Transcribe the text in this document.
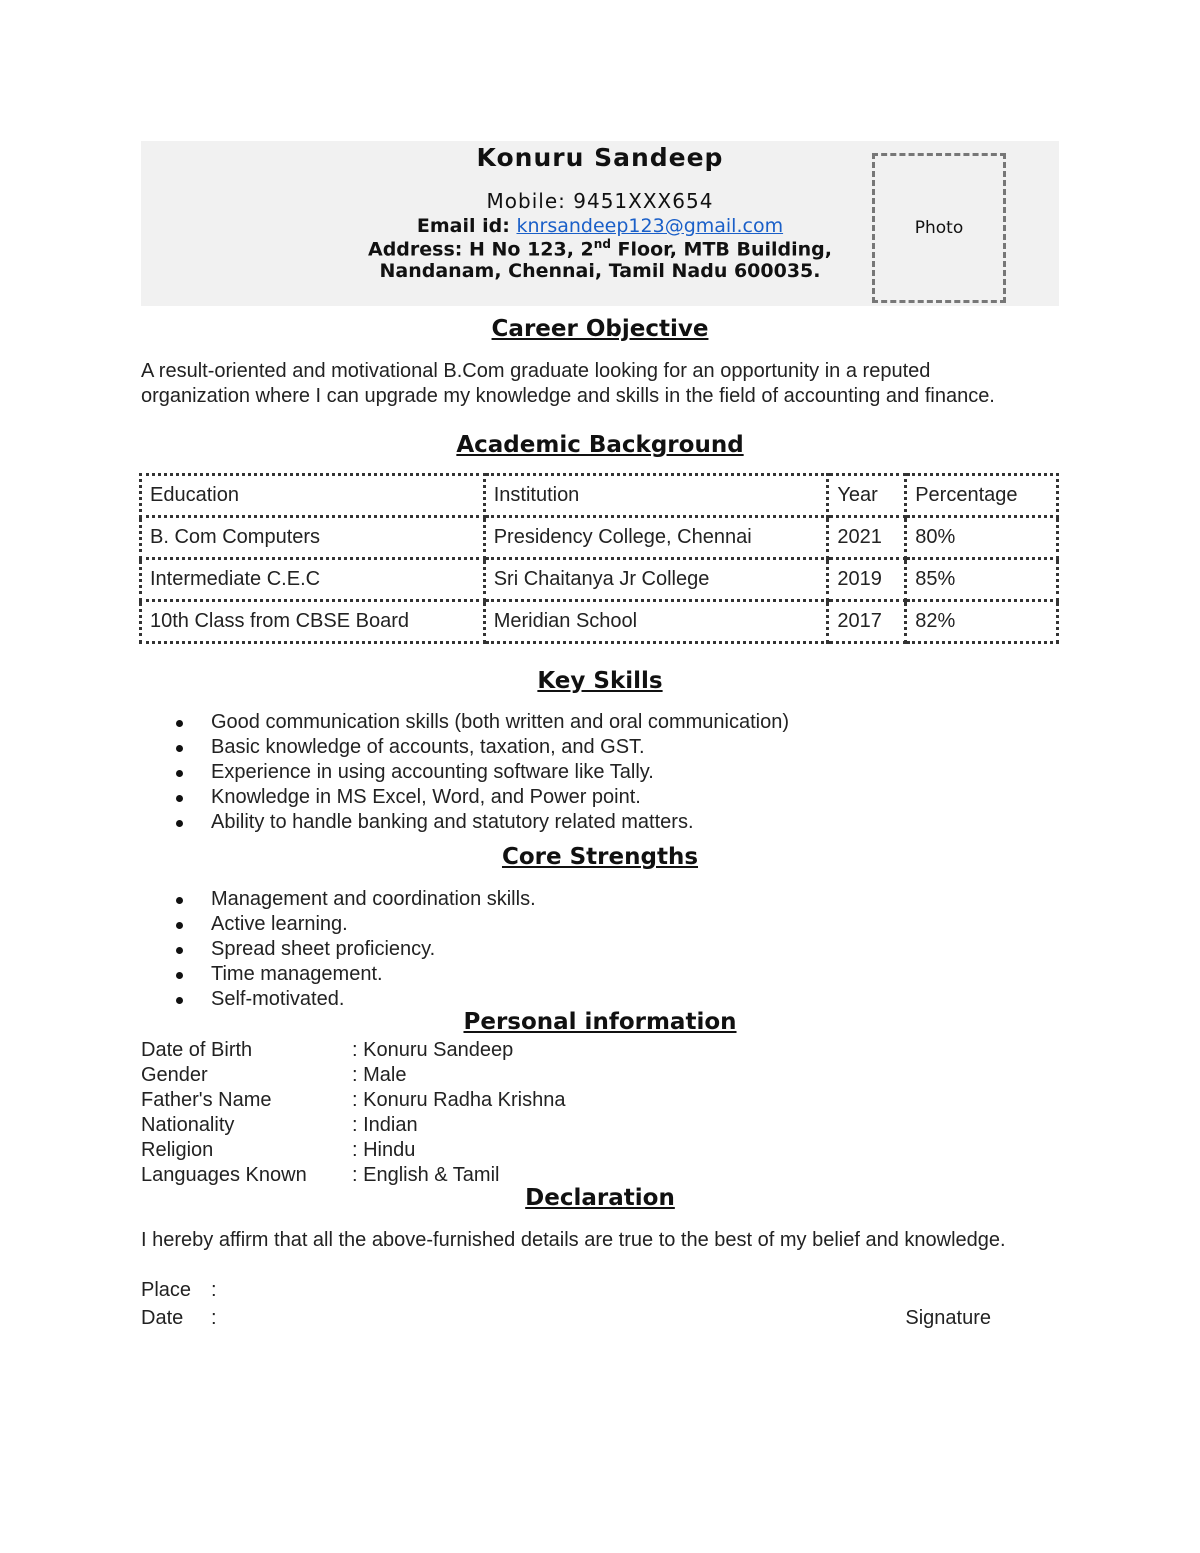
Konuru Sandeep
Mobile: 9451XXX654
Email id: knrsandeep123@gmail.com
Address: H No 123, 2nd Floor, MTB Building,
Nandanam, Chennai, Tamil Nadu 600035.
Photo
Career Objective
A result-oriented and motivational B.Com graduate looking for an opportunity in a reputed organization where I can upgrade my knowledge and skills in the field of accounting and finance.
Academic Background
Education	Institution	Year	Percentage
B. Com Computers	Presidency College, Chennai	2021	80%
Intermediate C.E.C	Sri Chaitanya Jr College	2019	85%
10th Class from CBSE Board	Meridian School	2017	82%
Key Skills
Good communication skills (both written and oral communication)
Basic knowledge of accounts, taxation, and GST.
Experience in using accounting software like Tally.
Knowledge in MS Excel, Word, and Power point.
Ability to handle banking and statutory related matters.
Core Strengths
Management and coordination skills.
Active learning.
Spread sheet proficiency.
Time management.
Self-motivated.
Personal information
Date of Birth	: Konuru Sandeep
Gender	: Male
Father's Name	: Konuru Radha Krishna
Nationality	: Indian
Religion	: Hindu
Languages Known : English & Tamil
Declaration
I hereby affirm that all the above-furnished details are true to the best of my belief and knowledge.
Place :
Date :	Signature
